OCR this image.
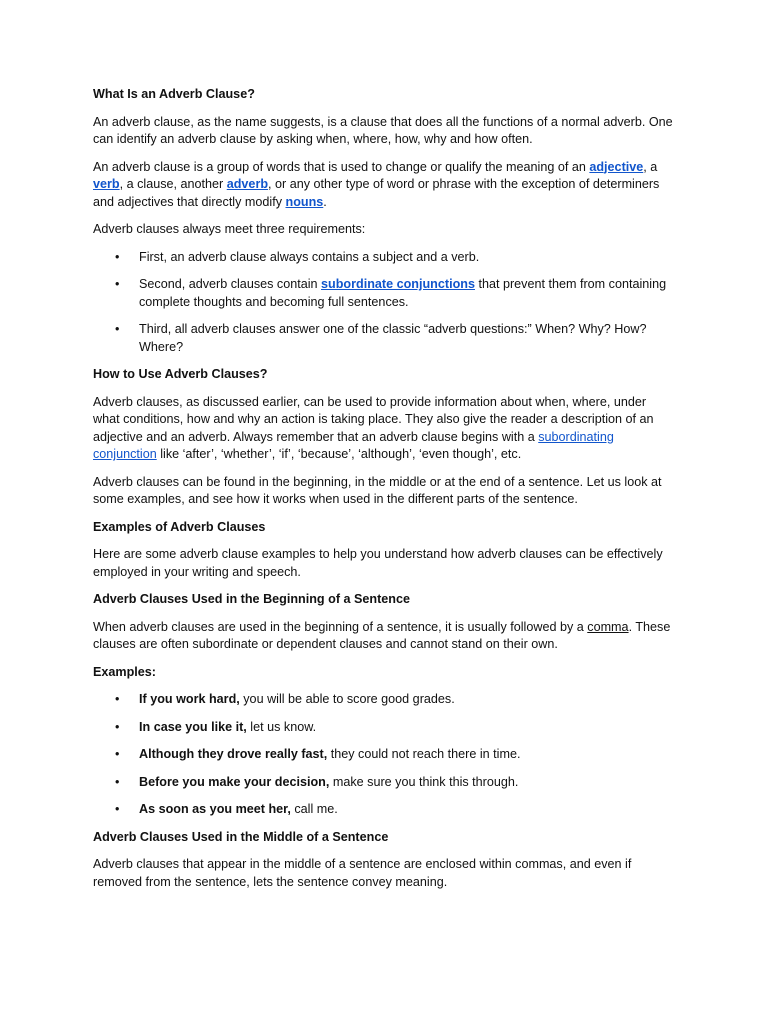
What Is an Adverb Clause?

An adverb clause, as the name suggests, is a clause that does all the functions of a normal adverb. One can identify an adverb clause by asking when, where, how, why and how often.

An adverb clause is a group of words that is used to change or qualify the meaning of an adjective, a verb, a clause, another adverb, or any other type of word or phrase with the exception of determiners and adjectives that directly modify nouns.

Adverb clauses always meet three requirements:

• First, an adverb clause always contains a subject and a verb.
• Second, adverb clauses contain subordinate conjunctions that prevent them from containing complete thoughts and becoming full sentences.
• Third, all adverb clauses answer one of the classic “adverb questions:” When? Why? How? Where?
How to Use Adverb Clauses?

Adverb clauses, as discussed earlier, can be used to provide information about when, where, under what conditions, how and why an action is taking place. They also give the reader a description of an adjective and an adverb. Always remember that an adverb clause begins with a subordinating conjunction like ‘after’, ‘whether’, ‘if’, ‘because’, ‘although’, ‘even though’, etc.

Adverb clauses can be found in the beginning, in the middle or at the end of a sentence. Let us look at some examples, and see how it works when used in the different parts of the sentence.

Examples of Adverb Clauses

Here are some adverb clause examples to help you understand how adverb clauses can be effectively employed in your writing and speech.

Adverb Clauses Used in the Beginning of a Sentence

When adverb clauses are used in the beginning of a sentence, it is usually followed by a comma. These clauses are often subordinate or dependent clauses and cannot stand on their own.

Examples:

• If you work hard, you will be able to score good grades.
• In case you like it, let us know.
• Although they drove really fast, they could not reach there in time.
• Before you make your decision, make sure you think this through.
• As soon as you meet her, call me.
Adverb Clauses Used in the Middle of a Sentence

Adverb clauses that appear in the middle of a sentence are enclosed within commas, and even if removed from the sentence, lets the sentence convey meaning.
